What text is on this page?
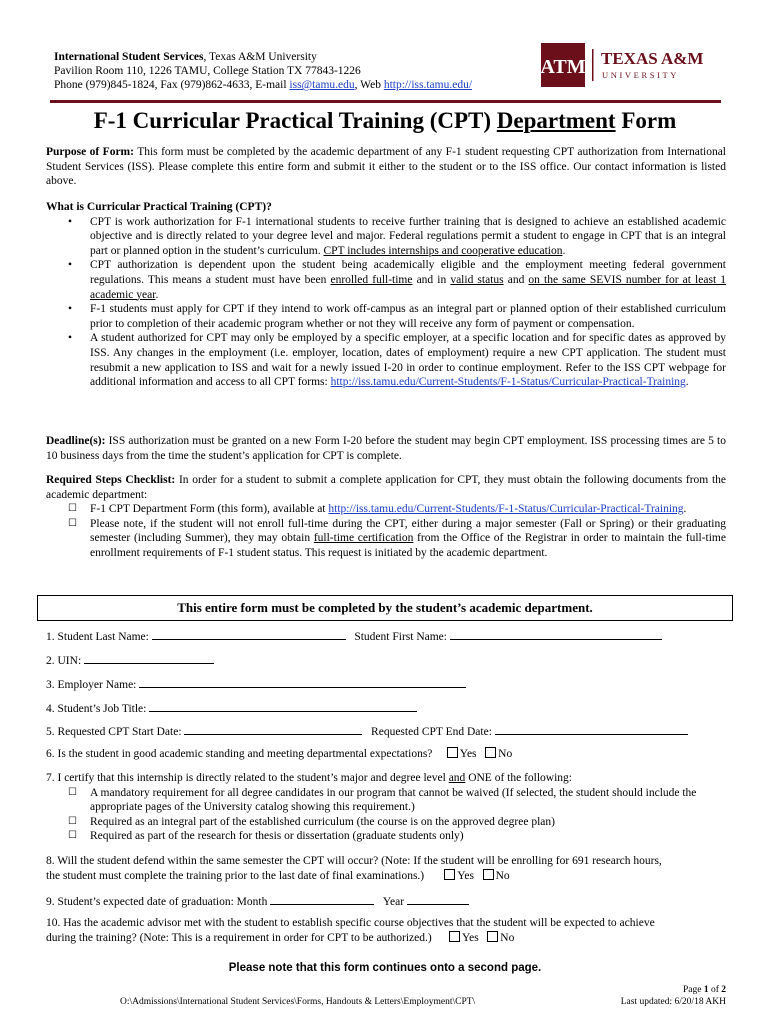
International Student Services, Texas A&M University
Pavilion Room 110, 1226 TAMU, College Station TX 77843-1226
Phone (979)845-1824, Fax (979)862-4633, E-mail iss@tamu.edu, Web http://iss.tamu.edu/
ATM TEXAS A&M
UNIVERSITY
F-1 Curricular Practical Training (CPT) Department Form
Purpose of Form: This form must be completed by the academic department of any F-1 student requesting CPT authorization from International Student Services (ISS). Please complete this entire form and submit it either to the student or to the ISS office. Our contact information is listed above.
What is Curricular Practical Training (CPT)?
• CPT is work authorization for F-1 international students to receive further training that is designed to achieve an established academic objective and is directly related to your degree level and major. Federal regulations permit a student to engage in CPT that is an integral part or planned option in the student’s curriculum. CPT includes internships and cooperative education.
• CPT authorization is dependent upon the student being academically eligible and the employment meeting federal government regulations. This means a student must have been enrolled full-time and in valid status and on the same SEVIS number for at least 1 academic year.
• F-1 students must apply for CPT if they intend to work off-campus as an integral part or planned option of their established curriculum prior to completion of their academic program whether or not they will receive any form of payment or compensation.
• A student authorized for CPT may only be employed by a specific employer, at a specific location and for specific dates as approved by ISS. Any changes in the employment (i.e. employer, location, dates of employment) require a new CPT application. The student must resubmit a new application to ISS and wait for a newly issued I-20 in order to continue employment. Refer to the ISS CPT webpage for additional information and access to all CPT forms: http://iss.tamu.edu/Current-Students/F-1-Status/Curricular-Practical-Training.
Deadline(s): ISS authorization must be granted on a new Form I-20 before the student may begin CPT employment. ISS processing times are 5 to 10 business days from the time the student’s application for CPT is complete.
Required Steps Checklist: In order for a student to submit a complete application for CPT, they must obtain the following documents from the academic department:
☐ F-1 CPT Department Form (this form), available at http://iss.tamu.edu/Current-Students/F-1-Status/Curricular-Practical-Training.
☐ Please note, if the student will not enroll full-time during the CPT, either during a major semester (Fall or Spring) or their graduating semester (including Summer), they may obtain full-time certification from the Office of the Registrar in order to maintain the full-time enrollment requirements of F-1 student status. This request is initiated by the academic department.
This entire form must be completed by the student’s academic department.
1. Student Last Name:	Student First Name:
2. UIN:
3. Employer Name:
4. Student’s Job Title:
5. Requested CPT Start Date:	Requested CPT End Date:
6. Is the student in good academic standing and meeting departmental expectations? Yes No
7. I certify that this internship is directly related to the student’s major and degree level and ONE of the following:
☐ A mandatory requirement for all degree candidates in our program that cannot be waived (If selected, the student should include the appropriate pages of the University catalog showing this requirement.)
☐ Required as an integral part of the established curriculum (the course is on the approved degree plan)
☐ Required as part of the research for thesis or dissertation (graduate students only)
8. Will the student defend within the same semester the CPT will occur? (Note: If the student will be enrolling for 691 research hours,
the student must complete the training prior to the last date of final examinations.)	Yes No
9. Student’s expected date of graduation: Month	Year
10. Has the academic advisor met with the student to establish specific course objectives that the student will be expected to achieve
during the training? (Note: This is a requirement in order for CPT to be authorized.)	Yes No
Please note that this form continues onto a second page.
O:\Admissions\International Student Services\Forms, Handouts & Letters\Employment\CPT\
Page 1 of 2
Last updated: 6/20/18 AKH
